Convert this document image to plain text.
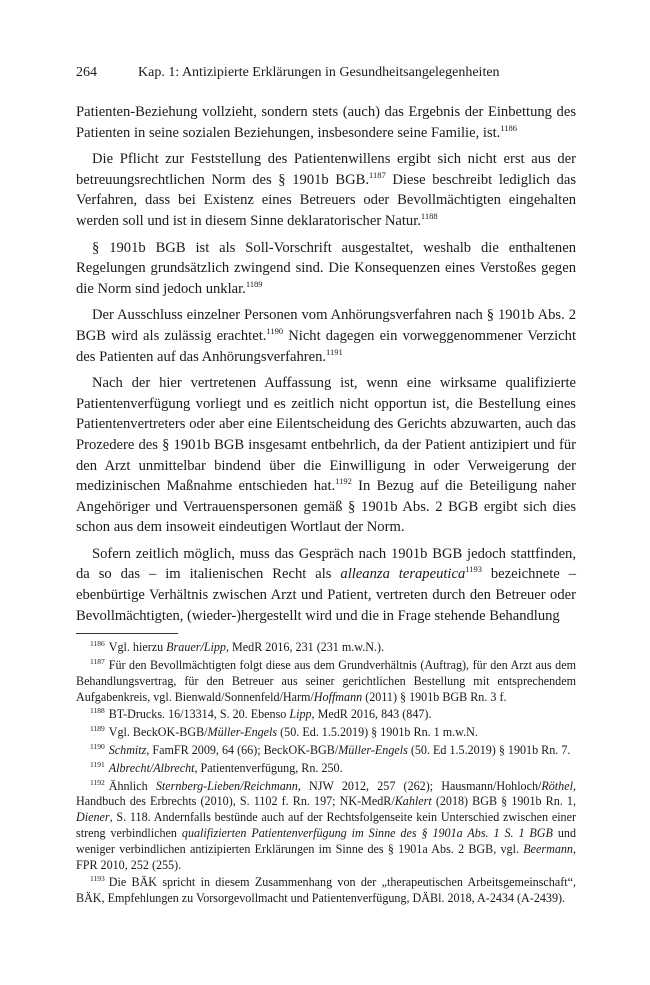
264	Kap. 1: Antizipierte Erklärungen in Gesundheitsangelegenheiten

Patienten-Beziehung vollzieht, sondern stets (auch) das Ergebnis der Einbettung des Patienten in seine sozialen Beziehungen, insbesondere seine Familie, ist.$^{1186}$

Die Pflicht zur Feststellung des Patientenwillens ergibt sich nicht erst aus der betreuungsrechtlichen Norm des § 1901b BGB.$^{1187}$ Diese beschreibt lediglich das Verfahren, dass bei Existenz eines Betreuers oder Bevollmächtigten eingehalten werden soll und ist in diesem Sinne deklaratorischer Natur.$^{1188}$

§ 1901b BGB ist als Soll-Vorschrift ausgestaltet, weshalb die enthaltenen Regelungen grundsätzlich zwingend sind. Die Konsequenzen eines Verstoßes gegen die Norm sind jedoch unklar.$^{1189}$

Der Ausschluss einzelner Personen vom Anhörungsverfahren nach § 1901b Abs. 2 BGB wird als zulässig erachtet.$^{1190}$ Nicht dagegen ein vorweggenommener Verzicht des Patienten auf das Anhörungsverfahren.$^{1191}$

Nach der hier vertretenen Auffassung ist, wenn eine wirksame qualifizierte Patientenverfügung vorliegt und es zeitlich nicht opportun ist, die Bestellung eines Patientenvertreters oder aber eine Eilentscheidung des Gerichts abzuwarten, auch das Prozedere des § 1901b BGB insgesamt entbehrlich, da der Patient antizipiert und für den Arzt unmittelbar bindend über die Einwilligung in oder Verweigerung der medizinischen Maßnahme entschieden hat.$^{1192}$ In Bezug auf die Beteiligung naher Angehöriger und Vertrauenspersonen gemäß § 1901b Abs. 2 BGB ergibt sich dies schon aus dem insoweit eindeutigen Wortlaut der Norm.

Sofern zeitlich möglich, muss das Gespräch nach 1901b BGB jedoch stattfinden, da so das – im italienischen Recht als alleanza terapeutica$^{1193}$ bezeichnete – ebenbürtige Verhältnis zwischen Arzt und Patient, vertreten durch den Betreuer oder Bevollmächtigten, (wieder-)hergestellt wird und die in Frage stehende Behandlung

$^{1186}$ Vgl. hierzu Brauer/Lipp, MedR 2016, 231 (231 m.w.N.).

$^{1187}$ Für den Bevollmächtigten folgt diese aus dem Grundverhältnis (Auftrag), für den Arzt aus dem Behandlungsvertrag, für den Betreuer aus seiner gerichtlichen Bestellung mit entsprechendem Aufgabenkreis, vgl. Bienwald/Sonnenfeld/Harm/Hoffmann (2011) § 1901b BGB Rn. 3 f.

$^{1188}$ BT-Drucks. 16/13314, S. 20. Ebenso Lipp, MedR 2016, 843 (847).

$^{1189}$ Vgl. BeckOK-BGB/Müller-Engels (50. Ed. 1.5.2019) § 1901b Rn. 1 m.w.N.

$^{1190}$ Schmitz, FamFR 2009, 64 (66); BeckOK-BGB/Müller-Engels (50. Ed 1.5.2019) § 1901b Rn. 7.

$^{1191}$ Albrecht/Albrecht, Patientenverfügung, Rn. 250.

$^{1192}$ Ähnlich Sternberg-Lieben/Reichmann, NJW 2012, 257 (262); Hausmann/Hohloch/Röthel, Handbuch des Erbrechts (2010), S. 1102 f. Rn. 197; NK-MedR/Kahlert (2018) BGB § 1901b Rn. 1, Diener, S. 118. Andernfalls bestünde auch auf der Rechtsfolgenseite kein Unterschied zwischen einer streng verbindlichen qualifizierten Patientenverfügung im Sinne des § 1901a Abs. 1 S. 1 BGB und weniger verbindlichen antizipierten Erklärungen im Sinne des § 1901a Abs. 2 BGB, vgl. Beermann, FPR 2010, 252 (255).

$^{1193}$ Die BÄK spricht in diesem Zusammenhang von der „therapeutischen Arbeitsgemeinschaft“, BÄK, Empfehlungen zu Vorsorgevollmacht und Patientenverfügung, DÄBl. 2018, A-2434 (A-2439).
